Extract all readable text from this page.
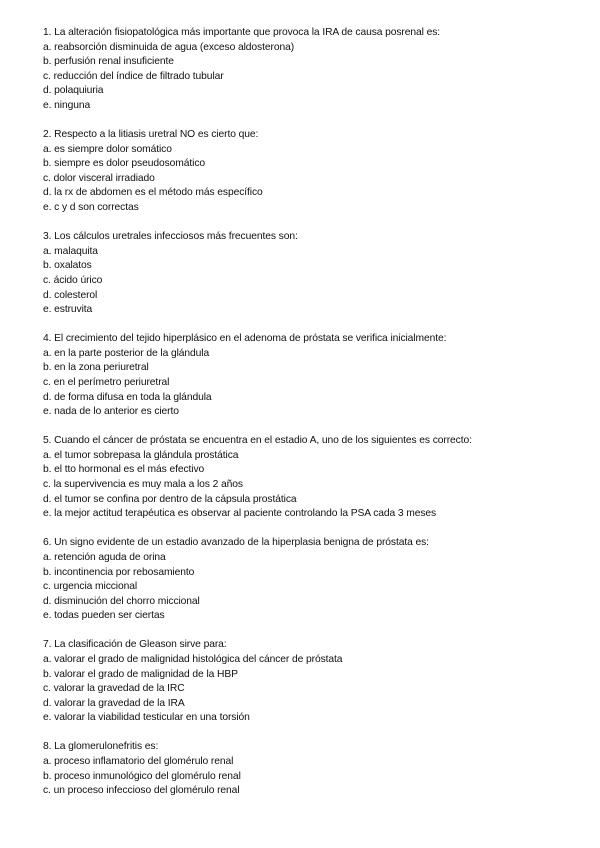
1. La alteración fisiopatológica más importante que provoca la IRA de causa posrenal es:
a. reabsorción disminuida de agua (exceso aldosterona)
b. perfusión renal insuficiente
c. reducción del índice de filtrado tubular
d. polaquiuria
e. ninguna
2. Respecto a la litiasis uretral NO es cierto que:
a. es siempre dolor somático
b. siempre es dolor pseudosomático
c. dolor visceral irradiado
d. la rx de abdomen es el método más específico
e. c y d son correctas
3. Los cálculos uretrales infecciosos más frecuentes son:
a. malaquita
b. oxalatos
c. ácido úrico
d. colesterol
e. estruvita
4. El crecimiento del tejido hiperplásico en el adenoma de próstata se verifica inicialmente:
a. en la parte posterior de la glándula
b. en la zona periuretral
c. en el perímetro periuretral
d. de forma difusa en toda la glándula
e. nada de lo anterior es cierto
5. Cuando el cáncer de próstata se encuentra en el estadio A, uno de los siguientes es correcto:
a. el tumor sobrepasa la glándula prostática
b. el tto hormonal es el más efectivo
c. la supervivencia es muy mala a los 2 años
d. el tumor se confina por dentro de la cápsula prostática
e. la mejor actitud terapéutica es observar al paciente controlando la PSA cada 3 meses
6. Un signo evidente de un estadio avanzado de la hiperplasia benigna de próstata es:
a. retención aguda de orina
b. incontinencia por rebosamiento
c. urgencia miccional
d. disminución del chorro miccional
e. todas pueden ser ciertas
7. La clasificación de Gleason sirve para:
a. valorar el grado de malignidad histológica del cáncer de próstata
b. valorar el grado de malignidad de la HBP
c. valorar la gravedad de la IRC
d. valorar la gravedad de la IRA
e. valorar la viabilidad testicular en una torsión
8. La glomerulonefritis es:
a. proceso inflamatorio del glomérulo renal
b. proceso inmunológico del glomérulo renal
c. un proceso infeccioso del glomérulo renal
